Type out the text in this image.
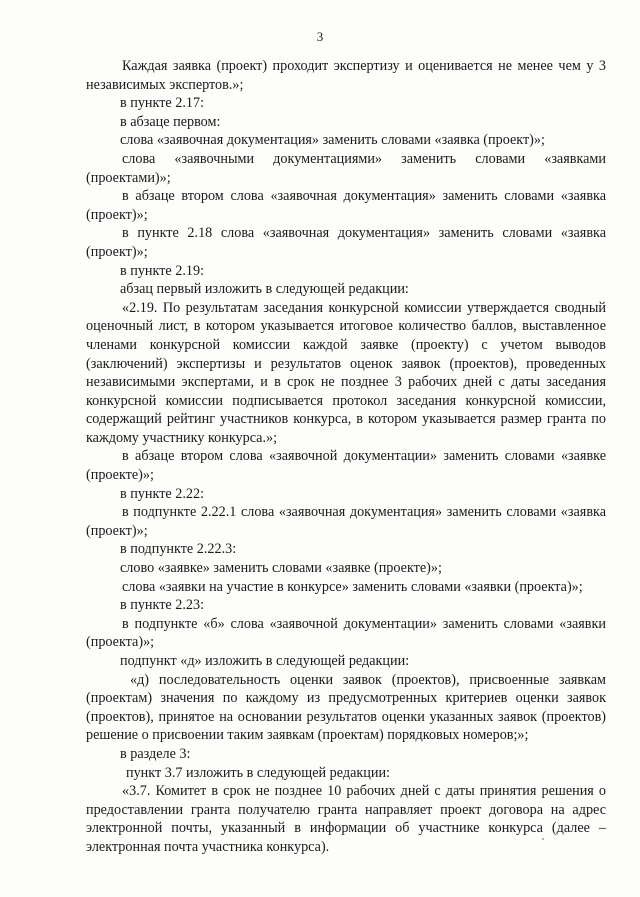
3

Каждая заявка (проект) проходит экспертизу и оценивается не менее чем у 3 независимых экспертов.»;

в пункте 2.17:

в абзаце первом:

слова «заявочная документация» заменить словами «заявка (проект)»;

слова «заявочными документациями» заменить словами «заявками (проектами)»;

в абзаце втором слова «заявочная документация» заменить словами «заявка (проект)»;

в пункте 2.18 слова «заявочная документация» заменить словами «заявка (проект)»;

в пункте 2.19:

абзац первый изложить в следующей редакции:

«2.19. По результатам заседания конкурсной комиссии утверждается сводный оценочный лист, в котором указывается итоговое количество баллов, выставленное членами конкурсной комиссии каждой заявке (проекту) с учетом выводов (заключений) экспертизы и результатов оценок заявок (проектов), проведенных независимыми экспертами, и в срок не позднее 3 рабочих дней с даты заседания конкурсной комиссии подписывается протокол заседания конкурсной комиссии, содержащий рейтинг участников конкурса, в котором указывается размер гранта по каждому участнику конкурса.»;

в абзаце втором слова «заявочной документации» заменить словами «заявке (проекте)»;

в пункте 2.22:

в подпункте 2.22.1 слова «заявочная документация» заменить словами «заявка (проект)»;

в подпункте 2.22.3:

слово «заявке» заменить словами «заявке (проекте)»;

слова «заявки на участие в конкурсе» заменить словами «заявки (проекта)»;

в пункте 2.23:

в подпункте «б» слова «заявочной документации» заменить словами «заявки (проекта)»;

подпункт «д» изложить в следующей редакции:

«д) последовательность оценки заявок (проектов), присвоенные заявкам (проектам) значения по каждому из предусмотренных критериев оценки заявок (проектов), принятое на основании результатов оценки указанных заявок (проектов) решение о присвоении таким заявкам (проектам) порядковых номеров;»;

в разделе 3:

пункт 3.7 изложить в следующей редакции:

«3.7. Комитет в срок не позднее 10 рабочих дней с даты принятия решения о предоставлении гранта получателю гранта направляет проект договора на адрес электронной почты, указанный в информации об участнике конкурса (далее – электронная почта участника конкурса).
